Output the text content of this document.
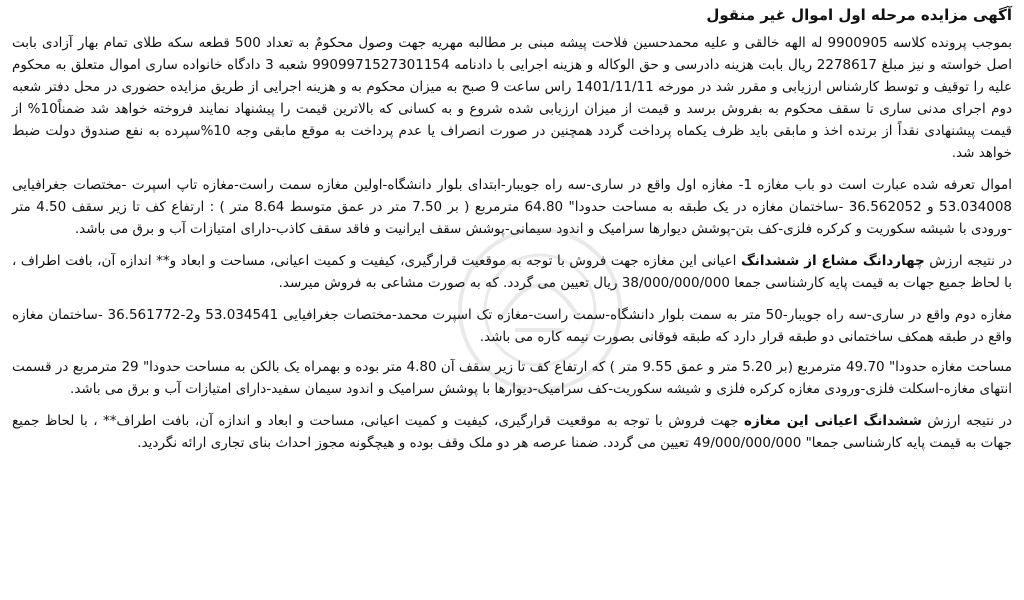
آگهی مزایده مرحله اول اموال غیر منقول

بموجب پرونده کلاسه 9900905 له الهه خالقی و علیه محمدحسین فلاحت پیشه مبنی بر مطالبه مهریه جهت وصول محکومٌ به تعداد 500 قطعه سکه طلای تمام بهار آزادی بابت اصل خواسته و نیز مبلغ 2278617 ریال بابت هزینه دادرسی و حق الوکاله و هزینه اجرایی با دادنامه 9909971527301154 شعبه 3 دادگاه خانواده ساری اموال متعلق به محکوم علیه را توقیف و توسط کارشناس ارزیابی و مقرر شد در مورخه 1401/11/11 راس ساعت 9 صبح به میزان محکوم به و هزینه اجرایی از طریق مزایده حضوری در محل دفتر شعبه دوم اجرای مدنی ساری تا سقف محکوم به بفروش برسد و قیمت از میزان ارزیابی شده شروع و به کسانی که بالاترین قیمت را پیشنهاد نمایند فروخته خواهد شد ضمناً10% از قیمت پیشنهادی نقداً از برنده اخذ و مابقی باید ظرف یکماه پرداخت گردد همچنین در صورت انصراف یا عدم پرداخت به موقع مابقی وجه 10%سپرده به نفع صندوق دولت ضبط خواهد شد.

اموال تعرفه شده عبارت است دو باب مغازه 1- مغازه اول واقع در ساری-سه راه جویبار-ابتدای بلوار دانشگاه-اولین مغازه سمت راست-مغازه تاپ اسپرت -مختصات جغرافیایی 53.034008 و 36.562052 -ساختمان مغازه در یک طبقه به مساحت حدودا" 64.80 مترمربع ( بر 7.50 متر در عمق متوسط 8.64 متر ) : ارتفاع کف تا زیر سقف 4.50 متر -ورودی با شیشه سکوریت و کرکره فلزی-کف بتن-پوشش دیوارها سرامیک و اندود سیمانی-پوشش سقف ایرانیت و فاقد سقف کاذب-دارای امتیازات آب و برق می باشد.

در نتیجه ارزش چهاردانگ مشاع از ششدانگ اعیانی این مغازه جهت فروش با توجه به موقعیت قرارگیری، کیفیت و کمیت اعیانی، مساحت و ابعاد و** اندازه آن، بافت اطراف ، با لحاظ جمیع جهات به قیمت پایه کارشناسی جمعا 38/000/000/000 ریال تعیین می گردد. که به صورت مشاعی به فروش میرسد.

مغازه دوم واقع در ساری-سه راه جویبار-50 متر به سمت بلوار دانشگاه-سمت راست-مغازه تک اسپرت محمد-مختصات جغرافیایی 53.034541 و2-36.561772 -ساختمان مغازه واقع در طبقه همکف ساختمانی دو طبقه قرار دارد که طبقه فوقانی بصورت نیمه کاره می باشد.

مساحت مغازه حدودا" 49.70 مترمربع (بر 5.20 متر و عمق 9.55 متر ) که ارتفاع کف تا زیر سقف آن 4.80 متر بوده و بهمراه یک بالکن به مساحت حدودا" 29 مترمربع در قسمت انتهای مغازه-اسکلت فلزی-ورودی مغازه کرکره فلزی و شیشه سکوریت-کف سرامیک-دیوارها با پوشش سرامیک و اندود سیمان سفید-دارای امتیازات آب و برق می باشد.

در نتیجه ارزش ششدانگ اعیانی این مغازه جهت فروش با توجه به موقعیت قرارگیری، کیفیت و کمیت اعیانی، مساحت و ابعاد و اندازه آن، بافت اطراف** ، با لحاظ جمیع جهات به قیمت پایه کارشناسی جمعا" 49/000/000/000 تعیین می گردد. ضمنا عرصه هر دو ملک وقف بوده و هیچگونه مجوز احداث بنای تجاری ارائه نگردید.
